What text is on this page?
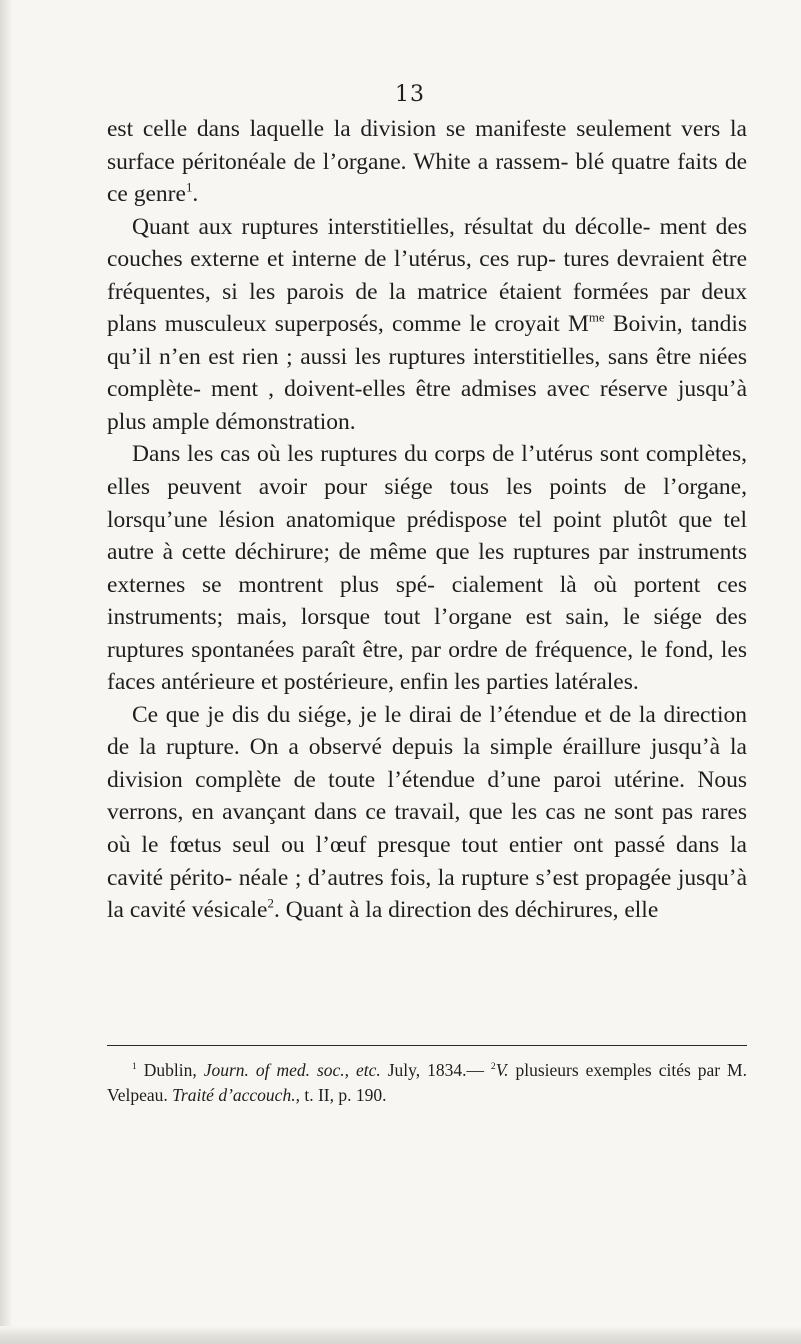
13

est celle dans laquelle la division se manifeste seulement vers la surface péritonéale de l’organe. White a rassem- blé quatre faits de ce genre$^1$.

Quant aux ruptures interstitielles, résultat du décolle- ment des couches externe et interne de l’utérus, ces rup- tures devraient être fréquentes, si les parois de la matrice étaient formées par deux plans musculeux superposés, comme le croyait $M^{me}$ Boivin, tandis qu’il n’en est rien ; aussi les ruptures interstitielles, sans être niées complète- ment , doivent-elles être admises avec réserve jusqu’à plus ample démonstration.

Dans les cas où les ruptures du corps de l’utérus sont complètes, elles peuvent avoir pour siége tous les points de l’organe, lorsqu’une lésion anatomique prédispose tel point plutôt que tel autre à cette déchirure; de même que les ruptures par instruments externes se montrent plus spé- cialement là où portent ces instruments; mais, lorsque tout l’organe est sain, le siége des ruptures spontanées paraît être, par ordre de fréquence, le fond, les faces antérieure et postérieure, enfin les parties latérales.

Ce que je dis du siége, je le dirai de l’étendue et de la direction de la rupture. On a observé depuis la simple éraillure jusqu’à la division complète de toute l’étendue d’une paroi utérine. Nous verrons, en avançant dans ce travail, que les cas ne sont pas rares où le fœtus seul ou l’œuf presque tout entier ont passé dans la cavité périto- néale ; d’autres fois, la rupture s’est propagée jusqu’à la cavité vésicale$^2$. Quant à la direction des déchirures, elle

$^1$ Dublin, Journ. of med. soc., etc. July, 1834.— $^2$V. plusieurs exemples cités par M. Velpeau. Traité d’accouch., t. II, p. 190.
